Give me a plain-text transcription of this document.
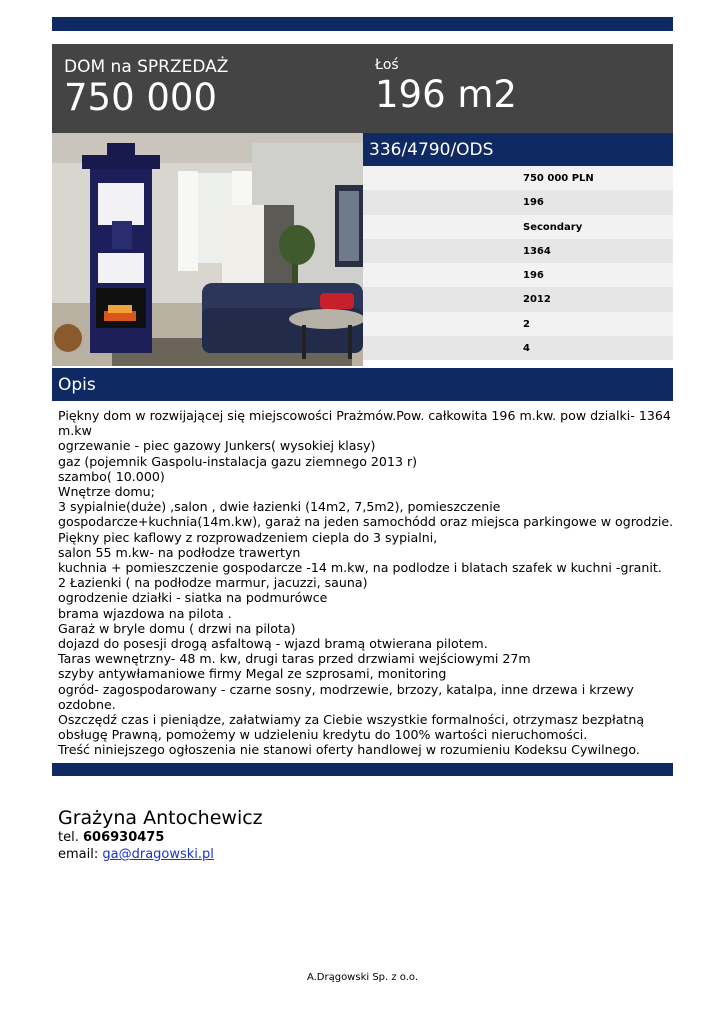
DOM na SPRZEDAŻ
750 000
Łoś
196 m2
336/4790/ODS
750 000 PLN
196
Secondary
1364
196
2012
2
4
Opis
Piękny dom w rozwijającej się miejscowości Prażmów.Pow. całkowita 196 m.kw. pow dzialki- 1364
m.kw
ogrzewanie - piec gazowy Junkers( wysokiej klasy)
gaz (pojemnik Gaspolu-instalacja gazu ziemnego 2013 r)
szambo( 10.000)
Wnętrze domu;
3 sypialnie(duże) ,salon , dwie łazienki (14m2, 7,5m2), pomieszczenie
gospodarcze+kuchnia(14m.kw), garaż na jeden samochódd oraz miejsca parkingowe w ogrodzie.
Piękny piec kaflowy z rozprowadzeniem ciepla do 3 sypialni,
salon 55 m.kw- na podłodze trawertyn
kuchnia + pomieszczenie gospodarcze -14 m.kw, na podlodze i blatach szafek w kuchni -granit.
2 Łazienki ( na podłodze marmur, jacuzzi, sauna)
ogrodzenie działki - siatka na podmurówce
brama wjazdowa na pilota .
Garaż w bryle domu ( drzwi na pilota)
dojazd do posesji drogą asfaltową - wjazd bramą otwierana pilotem.
Taras wewnętrzny- 48 m. kw, drugi taras przed drzwiami wejściowymi 27m
szyby antywłamaniowe firmy Megal ze szprosami, monitoring
ogród- zagospodarowany - czarne sosny, modrzewie, brzozy, katalpa, inne drzewa i krzewy
ozdobne.
Oszczędź czas i pieniądze, załatwiamy za Ciebie wszystkie formalności, otrzymasz bezpłatną
obsługę Prawną, pomożemy w udzieleniu kredytu do 100% wartości nieruchomości.
Treść niniejszego ogłoszenia nie stanowi oferty handlowej w rozumieniu Kodeksu Cywilnego.
Grażyna Antochewicz
tel. 606930475
email: ga@dragowski.pl
A.Drągowski Sp. z o.o.
